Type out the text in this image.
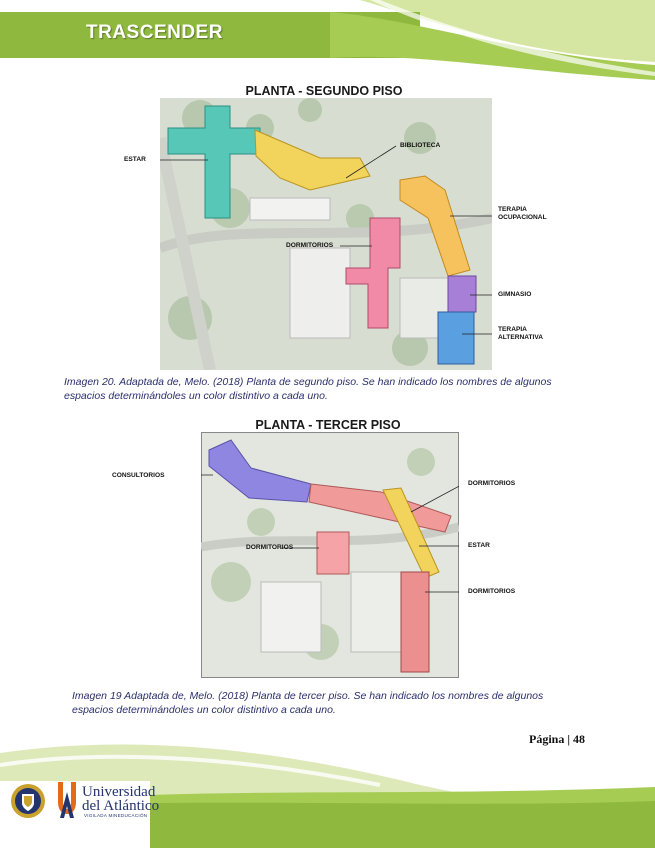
TRASCENDER
PLANTA - SEGUNDO PISO
ESTAR
BIBLIOTECA
TERAPIA
OCUPACIONAL
DORMITORIOS
GIMNASIO
TERAPIA
ALTERNATIVA
Imagen 20. Adaptada de, Melo. (2018) Planta de segundo piso. Se han indicado los nombres de algunos
espacios determinándoles un color distintivo a cada uno.
PLANTA - TERCER PISO
CONSULTORIOS
DORMITORIOS
DORMITORIOS	ESTAR
DORMITORIOS
Imagen 19 Adaptada de, Melo. (2018) Planta de tercer piso. Se han indicado los nombres de algunos
espacios determinándoles un color distintivo a cada uno.
Página | 48
Universidad
del Atlántico
VIGILADA MINEDUCACIÓN
